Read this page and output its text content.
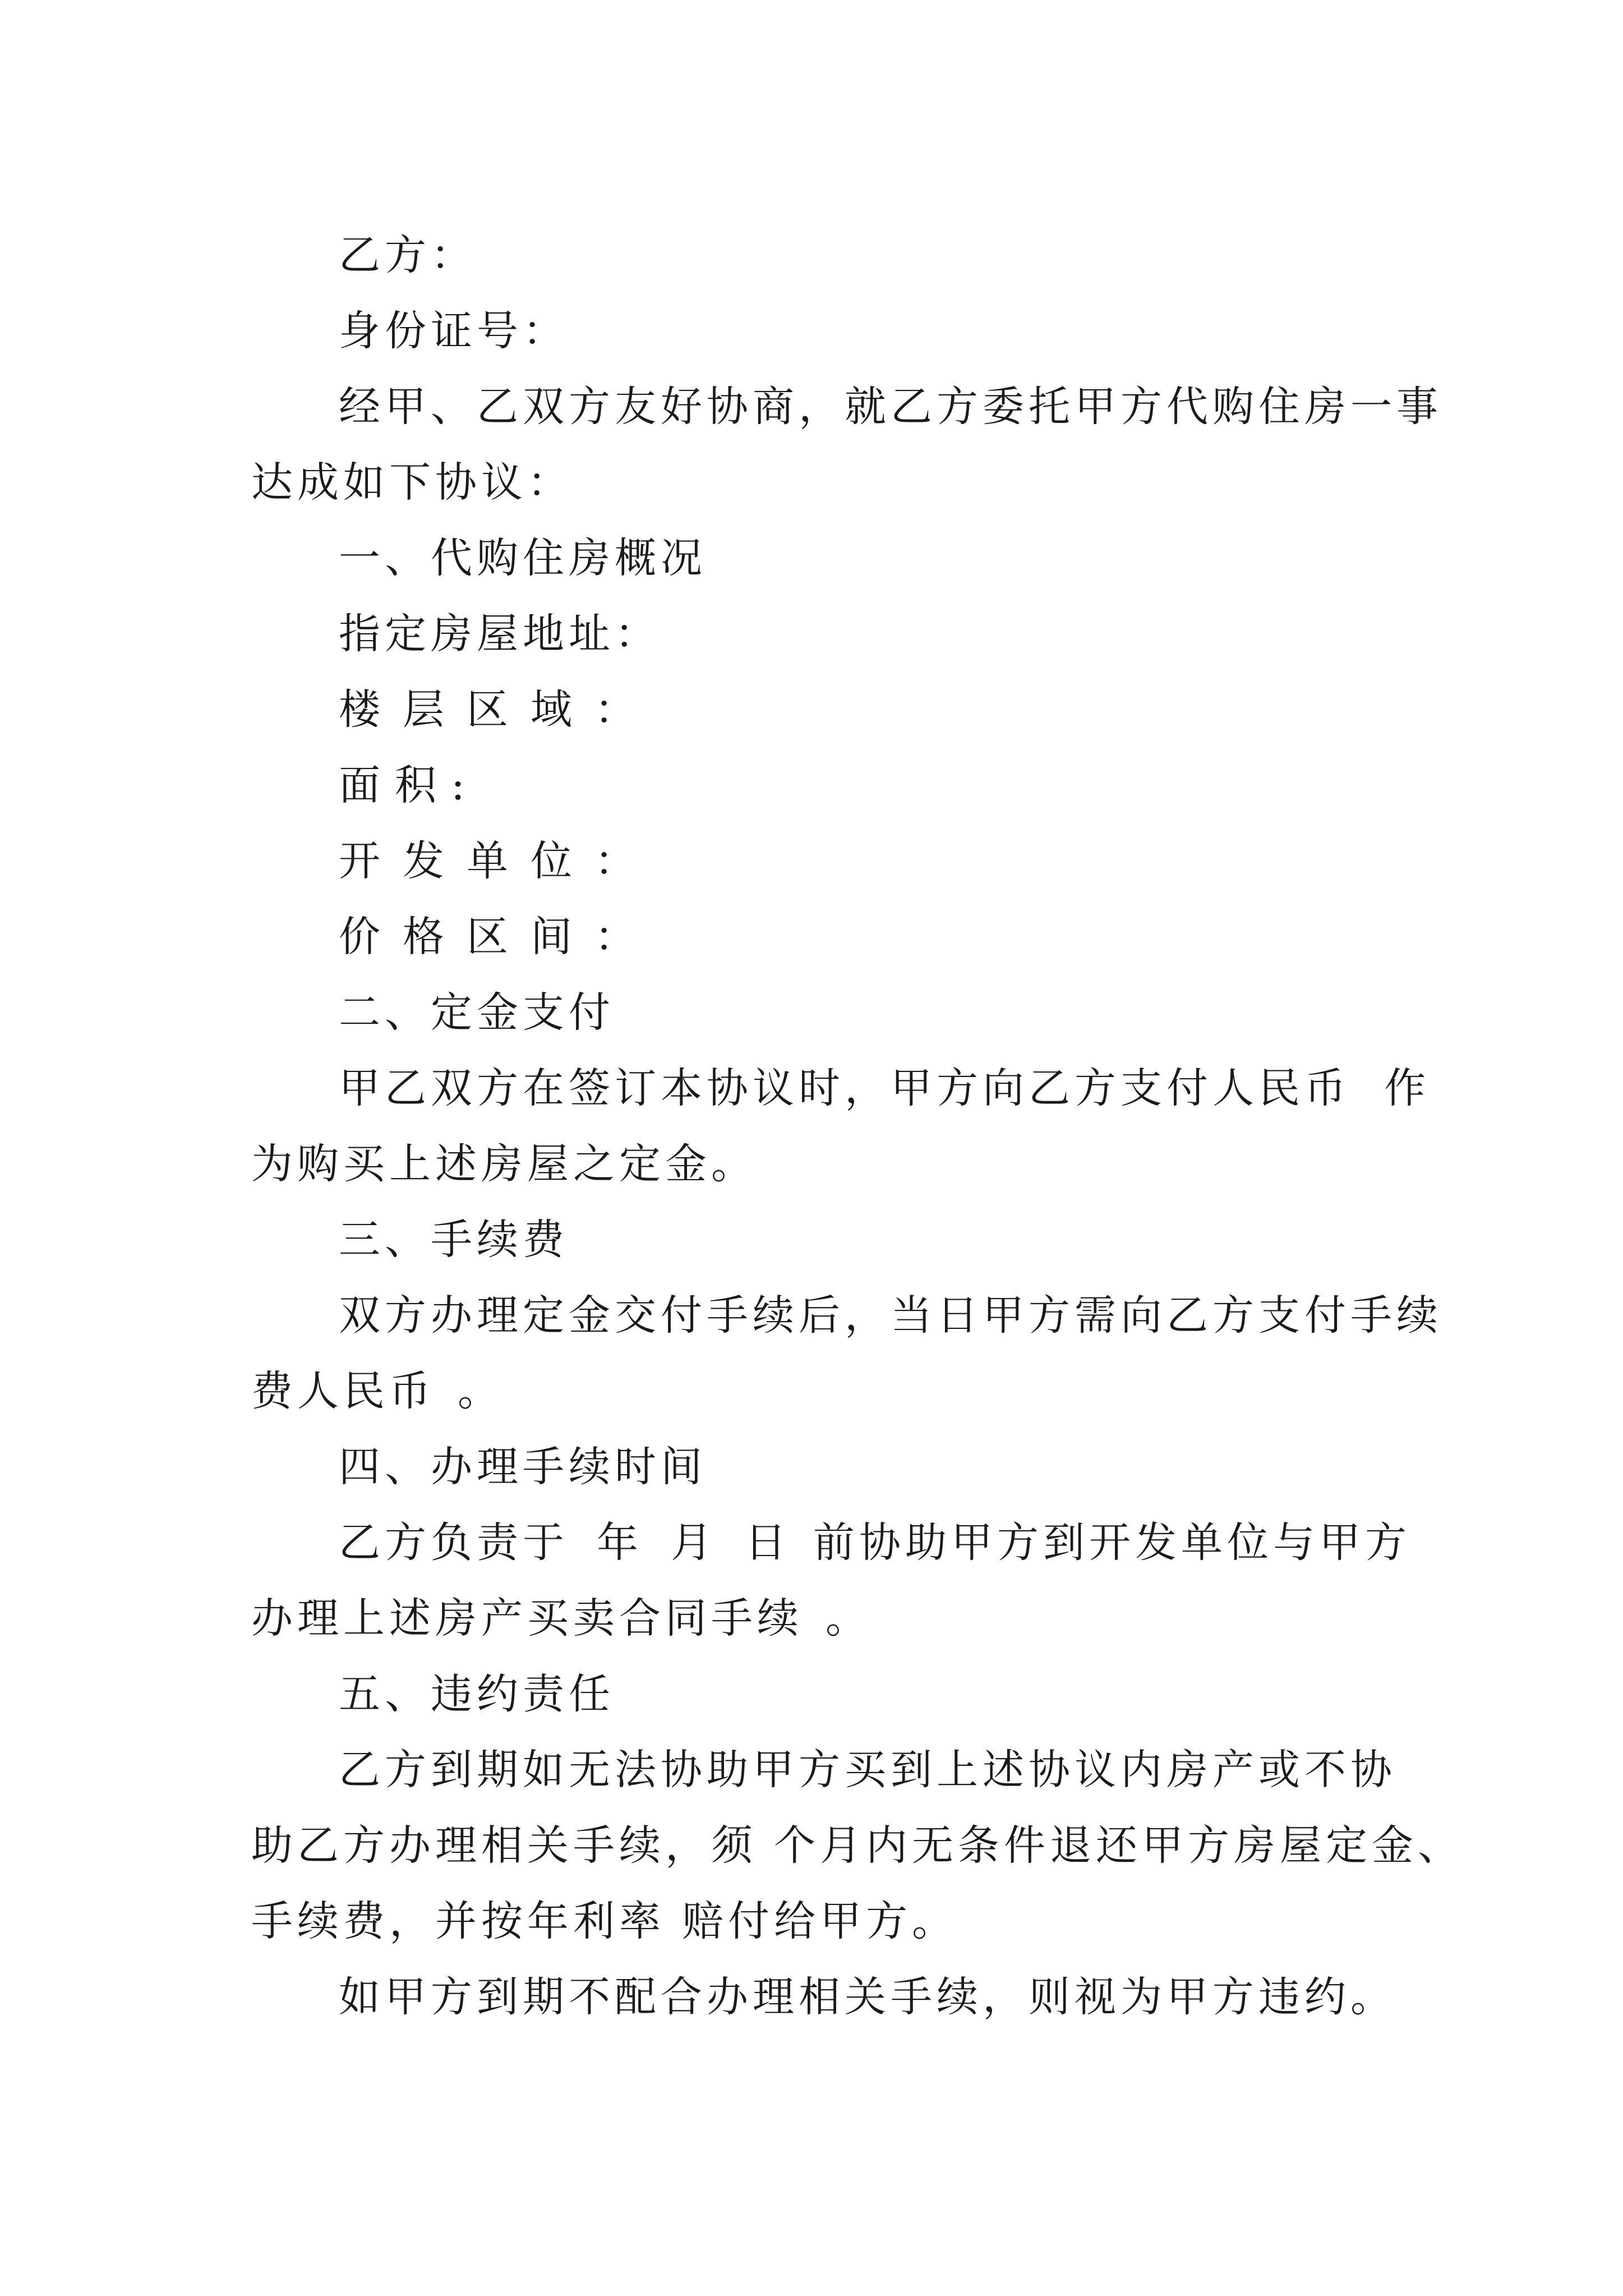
乙方：
身份证号：
经甲、乙双方友好协商，就乙方委托甲方代购住房一事
达成如下协议：
一、代购住房概况
指定房屋地址：
楼层区域：
面积:
开发单位：
价格区间：
二、定金支付
甲乙双方在签订本协议时，甲方向乙方支付人民币 作
为购买上述房屋之定金。
三、手续费
双方办理定金交付手续后，当日甲方需向乙方支付手续
费人民币 。
四、办理手续时间
乙方负责于 年 月 日 前协助甲方到开发单位与甲方
办理上述房产买卖合同手续 。
五、违约责任
乙方到期如无法协助甲方买到上述协议内房产或不协
助乙方办理相关手续，须 个月内无条件退还甲方房屋定金、
手续费，并按年利率 赔付给甲方。
如甲方到期不配合办理相关手续，则视为甲方违约。
